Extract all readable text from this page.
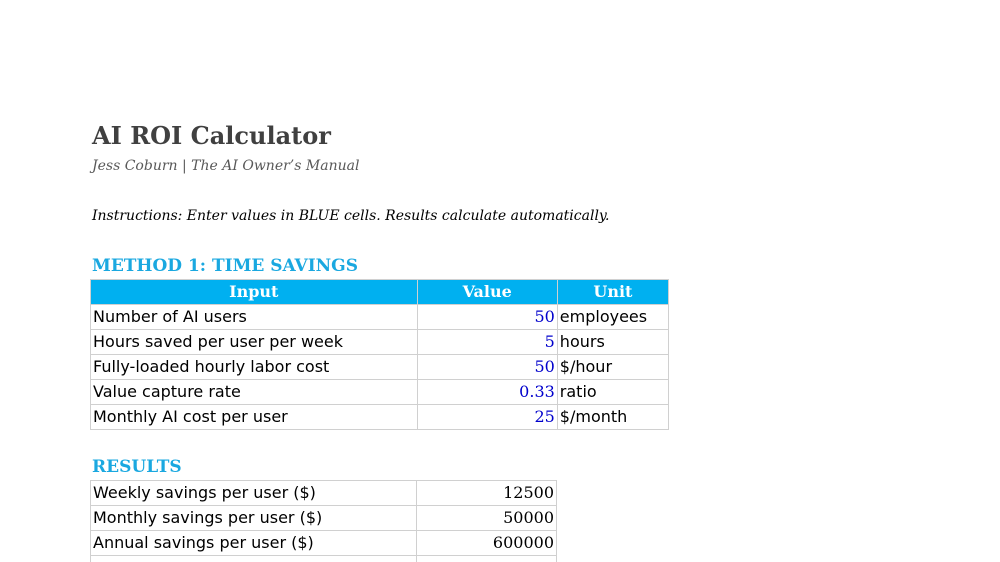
AI ROI Calculator
Jess Coburn | The AI Owner’s Manual
Instructions: Enter values in BLUE cells. Results calculate automatically.
METHOD 1: TIME SAVINGS
Input	Value	Unit
Number of AI users	50	employees
Hours saved per user per week	5	hours
Fully-loaded hourly labor cost	50	$/hour
Value capture rate	0.33	ratio
Monthly AI cost per user	25	$/month
RESULTS
Weekly savings per user ($)	12500
Monthly savings per user ($)	50000
Annual savings per user ($)	600000
